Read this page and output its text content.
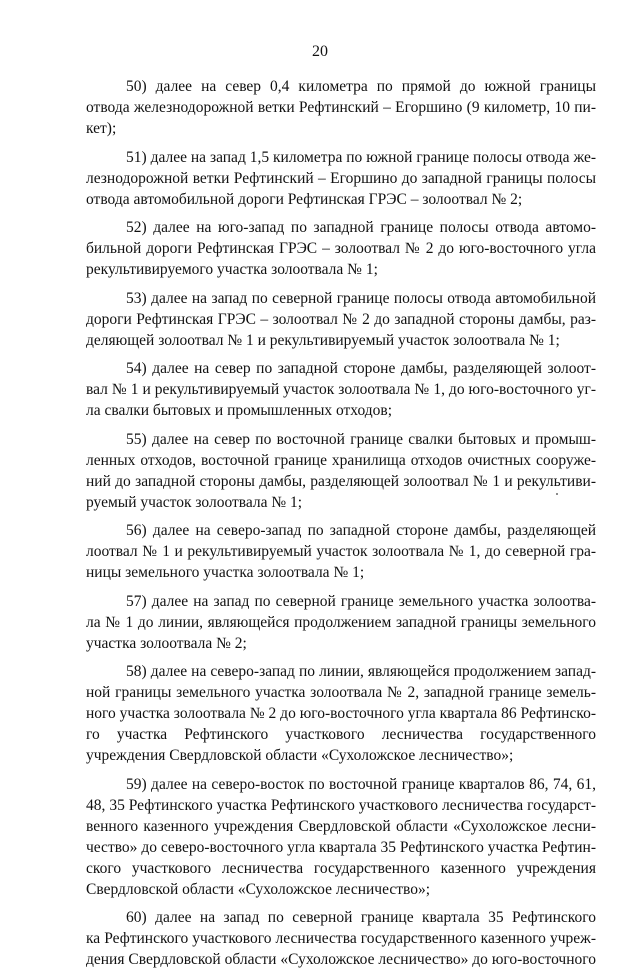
20
50) далее на север 0,4 километра по прямой до южной границы
отвода железнодорожной ветки Рефтинский – Егоршино (9 километр, 10 пи-
кет);
51) далее на запад 1,5 километра по южной границе полосы отвода же-
лезнодорожной ветки Рефтинский – Егоршино до западной границы полосы
отвода автомобильной дороги Рефтинская ГРЭС – золоотвал № 2;
52) далее на юго-запад по западной границе полосы отвода автомо-
бильной дороги Рефтинская ГРЭС – золоотвал № 2 до юго-восточного угла
рекультивируемого участка золоотвала № 1;
53) далее на запад по северной границе полосы отвода автомобильной
дороги Рефтинская ГРЭС – золоотвал № 2 до западной стороны дамбы, раз-
деляющей золоотвал № 1 и рекультивируемый участок золоотвала № 1;
54) далее на север по западной стороне дамбы, разделяющей золоот-
вал № 1 и рекультивируемый участок золоотвала № 1, до юго-восточного уг-
ла свалки бытовых и промышленных отходов;
55) далее на север по восточной границе свалки бытовых и промыш-
ленных отходов, восточной границе хранилища отходов очистных сооруже-
ний до западной стороны дамбы, разделяющей золоотвал № 1 и рекультиви-
руемый участок золоотвала № 1;
56) далее на северо-запад по западной стороне дамбы, разделяющей
лоотвал № 1 и рекультивируемый участок золоотвала № 1, до северной гра-
ницы земельного участка золоотвала № 1;
57) далее на запад по северной границе земельного участка золоотва-
ла № 1 до линии, являющейся продолжением западной границы земельного
участка золоотвала № 2;
58) далее на северо-запад по линии, являющейся продолжением запад-
ной границы земельного участка золоотвала № 2, западной границе земель-
ного участка золоотвала № 2 до юго-восточного угла квартала 86 Рефтинско-
го участка Рефтинского участкового лесничества государственного
учреждения Свердловской области «Сухоложское лесничество»;
59) далее на северо-восток по восточной границе кварталов 86, 74, 61,
48, 35 Рефтинского участка Рефтинского участкового лесничества государст-
венного казенного учреждения Свердловской области «Сухоложское лесни-
чество» до северо-восточного угла квартала 35 Рефтинского участка Рефтин-
ского участкового лесничества государственного казенного учреждения
Свердловской области «Сухоложское лесничество»;
60) далее на запад по северной границе квартала 35 Рефтинского
ка Рефтинского участкового лесничества государственного казенного учреж-
дения Свердловской области «Сухоложское лесничество» до юго-восточного
